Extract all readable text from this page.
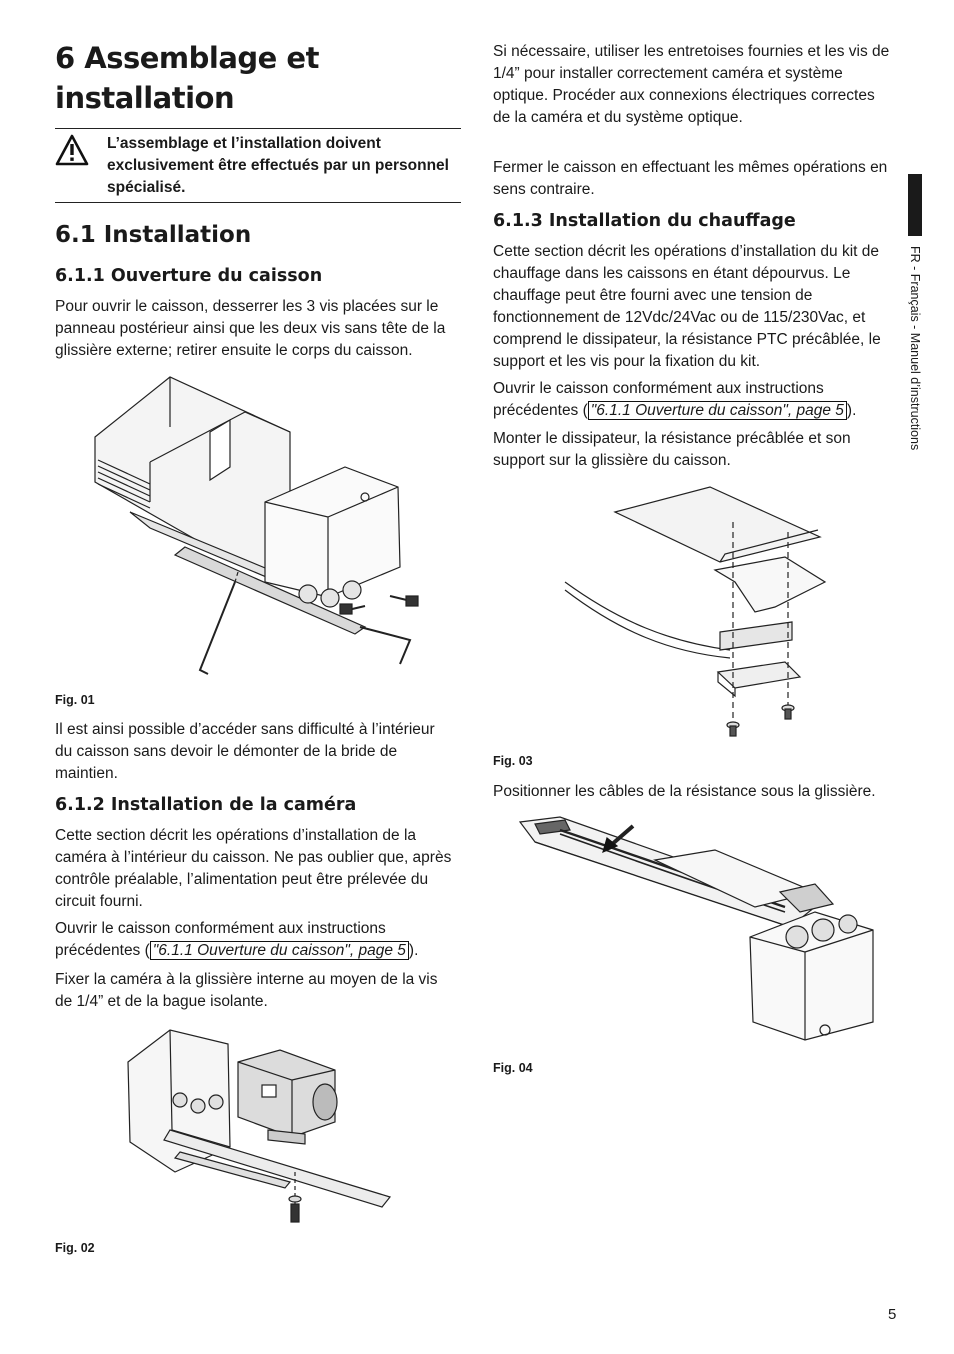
6 Assemblage et installation
L’assemblage et l’installation doivent exclusivement être effectués par un personnel spécialisé.
6.1 Installation
6.1.1 Ouverture du caisson

Pour ouvrir le caisson, desserrer les 3 vis placées sur le panneau postérieur ainsi que les deux vis sans tête de la glissière externe; retirer ensuite le corps du caisson.

Fig. 01

Il est ainsi possible d’accéder sans difficulté à l’intérieur du caisson sans devoir le démonter de la bride de maintien.

6.1.2 Installation de la caméra

Cette section décrit les opérations d’installation de la caméra à l’intérieur du caisson. Ne pas oublier que, après contrôle préalable, l’alimentation peut être prélevée du circuit fourni.

Ouvrir le caisson conformément aux instructions précédentes ( "6.1.1 Ouverture du caisson", page 5 ).

Fixer la caméra à la glissière interne au moyen de la vis de 1/4” et de la bague isolante.

Fig. 02

Si nécessaire, utiliser les entretoises fournies et les vis de 1/4” pour installer correctement caméra et système optique. Procéder aux connexions électriques correctes de la caméra et du système optique.

Fermer le caisson en effectuant les mêmes opérations en sens contraire.

6.1.3 Installation du chauffage

Cette section décrit les opérations d’installation du kit de chauffage dans les caissons en étant dépourvus. Le chauffage peut être fourni avec une tension de fonctionnement de 12Vdc/24Vac ou de 115/230Vac, et comprend le dissipateur, la résistance PTC précâblée, le support et les vis pour la fixation du kit.

Ouvrir le caisson conformément aux instructions précédentes ( "6.1.1 Ouverture du caisson", page 5 ).

Monter le dissipateur, la résistance précâblée et son support sur la glissière du caisson.

Fig. 03

Positionner les câbles de la résistance sous la glissière.

Fig. 04

FR - Français - Manuel d’instructions
5
